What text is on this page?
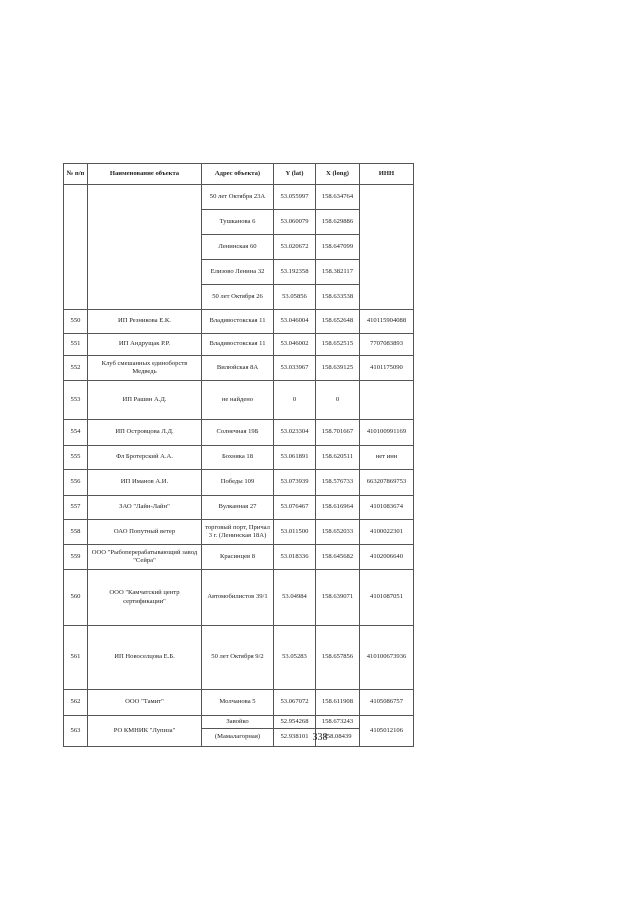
№ п/п	Наименование объекта	Адрес объекта)	Y (lat)	X (long)	ИНН
		50 лет Октября 23А	53.055997	158.634764	
		Тушканова 6	53.060079	158.629886	
		Ленинская 60	53.020672	158.647099	
		Елизово Ленина 32	53.192358	158.382117	
		50 лет Октября 26	53.05856	158.633538	
550	ИП Резникова Е.К.	Владивостокская 11	53.046004	158.652648	410115904088
551	ИП Андрущак Р.Р.	Владивостокская 11	53.046002	158.652515	7707083893
552	Клуб смешанных единоборств Медведь	Вилюйская 8А	53.033967	158.639125	4101175090
553	ИП Рашин А.Д.	не найдено	0	0	
554	ИП Островцова Л.Д.	Солнечная 19Б	53.023304	158.701667	410100991169
555	Фл Бротерский А.А.	Бохняка 18	53.061891	158.620511	нет инн
556	ИП Иманов А.И.	Победы 109	53.073939	158.576733	663207869753
557	ЗАО "Лайн-Лайн"	Вулканная 27	53.076467	158.616964	4101083674
558	ОАО Попутный ветер	торговый порт, Причал 3 г. (Ленинская 18А)	53.011500	158.652033	4100022301
559	ООО "Рыбоперерабатывающий завод "Сейра"	Красинцев 8	53.018336	158.645682	4102006640
560	ООО "Камчатский центр сертификации"	Автомобилистов 39/1	53.04984	158.639071	4101087051
561	ИП Новоселцова Е.Б.	50 лет Октября 9/2	53.05283	158.657856	410100673936
562	ООО "Тамит"	Молчанова 5	53.067072	158.611908	4105086757
563	РО КМНИК "Лупиза"	Завойко	52.954268	158.673243	4105012106
		(Мамалагорная)	52.938101	158.08439	
338
